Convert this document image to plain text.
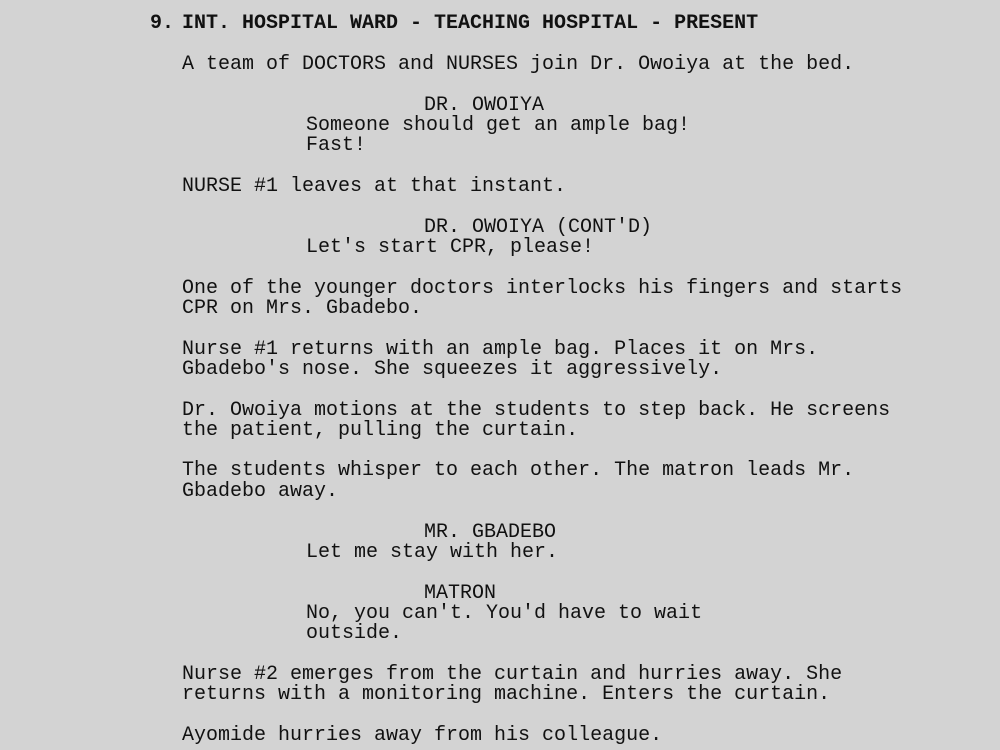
9. INT. HOSPITAL WARD - TEACHING HOSPITAL - PRESENT
A team of DOCTORS and NURSES join Dr. Owoiya at the bed.
DR. OWOIYA
Someone should get an ample bag!
Fast!
NURSE #1 leaves at that instant.
DR. OWOIYA (CONT'D)
Let's start CPR, please!
One of the younger doctors interlocks his fingers and starts
CPR on Mrs. Gbadebo.
Nurse #1 returns with an ample bag. Places it on Mrs.
Gbadebo's nose. She squeezes it aggressively.
Dr. Owoiya motions at the students to step back. He screens
the patient, pulling the curtain.
The students whisper to each other. The matron leads Mr.
Gbadebo away.
MR. GBADEBO
Let me stay with her.
MATRON
No, you can't. You'd have to wait
outside.
Nurse #2 emerges from the curtain and hurries away. She
returns with a monitoring machine. Enters the curtain.
Ayomide hurries away from his colleague.
